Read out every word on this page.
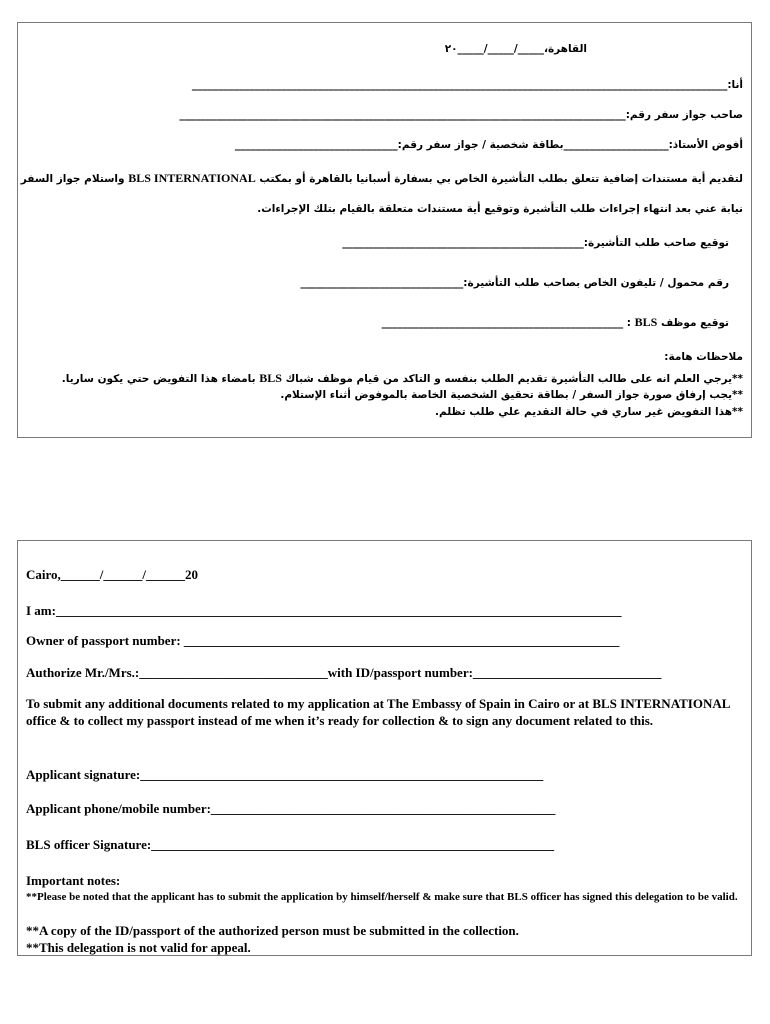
القاهرة،_____/_____/_____٢٠
أنا:______________________________________________________________________________________________________
صاحب جواز سفر رقم:_____________________________________________________________________________________
أفوض الأستاذ:____________________بطاقة شخصية / جواز سفر رقم:_______________________________
لتقديم أية مستندات إضافية تتعلق بطلب التأشيرة الخاص بي بسفارة أسبانيا بالقاهرة أو بمكتب BLS INTERNATIONAL واستلام جواز السفر
نيابة عني بعد انتهاء إجراءات طلب التأشيرة وتوقيع أية مستندات متعلقة بالقيام بتلك الإجراءات.
توقيع صاحب طلب التأشيرة:______________________________________________
رقم محمول / تليفون الخاص بصاحب طلب التأشيرة:_______________________________
توقيع موظف BLS : ______________________________________________
ملاحظات هامة:
**يرجي العلم انه على طالب التأشيرة تقديم الطلب بنفسه و التاكد من قيام موظف شباك BLS بامضاء هذا التفويض حتي يكون ساريا.
**يجب إرفاق صورة جواز السفر / بطاقة تحقيق الشخصية الخاصة بالموفوض أثناء الإستلام.
**هذا التفويض غير ساري في حالة التقديم علي طلب تظلم.
Cairo,______/______/______20
I am:_______________________________________________________________________________________
Owner of passport number: ___________________________________________________________________
Authorize Mr./Mrs.:_____________________________with ID/passport number:_____________________________
To submit any additional documents related to my application at The Embassy of Spain in Cairo or at BLS INTERNATIONAL office & to collect my passport instead of me when it’s ready for collection & to sign any document related to this.
Applicant signature:______________________________________________________________
Applicant phone/mobile number:_____________________________________________________
BLS officer Signature:______________________________________________________________
Important notes:
**Please be noted that the applicant has to submit the application by himself/herself & make sure that BLS officer has signed this delegation to be valid.
**A copy of the ID/passport of the authorized person must be submitted in the collection.
**This delegation is not valid for appeal.
